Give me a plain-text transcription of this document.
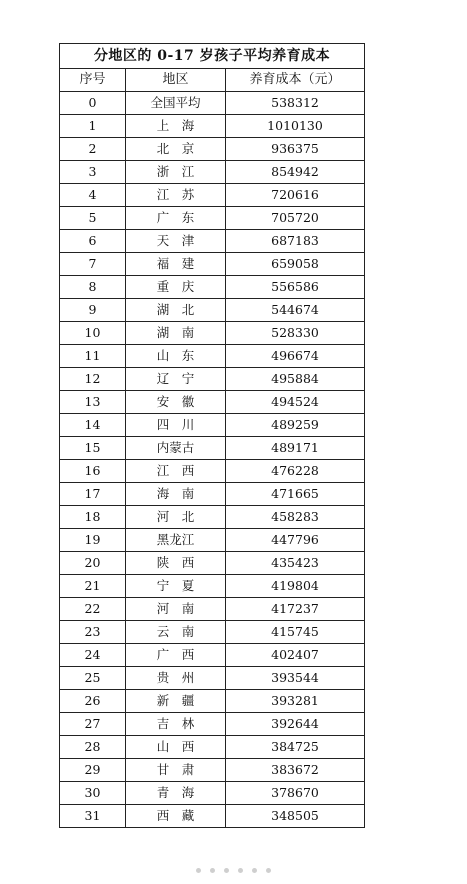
分地区的 0-17 岁孩子平均养育成本		
序号	地区	养育成本（元）
0	全国平均	538312
1	上　海	1010130
2	北　京	936375
3	浙　江	854942
4	江　苏	720616
5	广　东	705720
6	天　津	687183
7	福　建	659058
8	重　庆	556586
9	湖　北	544674
10	湖　南	528330
11	山　东	496674
12	辽　宁	495884
13	安　徽	494524
14	四　川	489259
15	内蒙古	489171
16	江　西	476228
17	海　南	471665
18	河　北	458283
19	黑龙江	447796
20	陕　西	435423
21	宁　夏	419804
22	河　南	417237
23	云　南	415745
24	广　西	402407
25	贵　州	393544
26	新　疆	393281
27	吉　林	392644
28	山　西	384725
29	甘　肃	383672
30	青　海	378670
31	西　藏	348505
